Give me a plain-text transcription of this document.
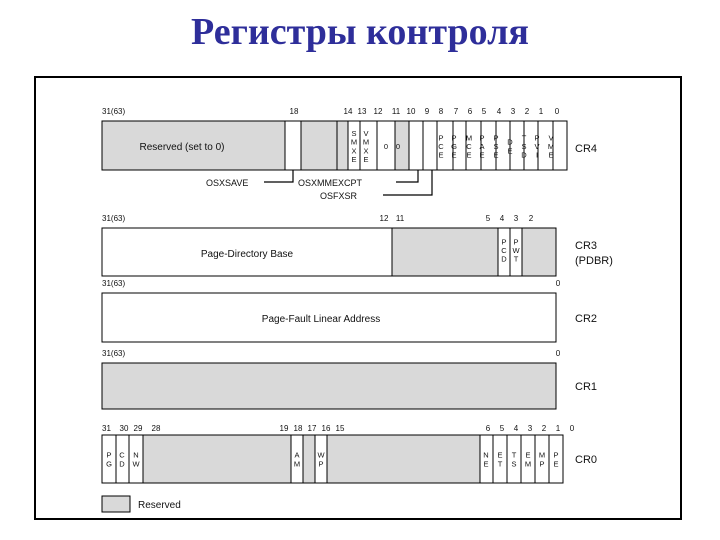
Регистры контроля
31(63)	18	14 13 12 11 10 9 8 7 6 5 4 3 2 1 0
Reserved (set to 0)
S M X E
V M X E
0 0
P C E
P G E
M C E
P A E
P S E
D E
T S D
P V I
V M E
CR4
OSXSAVE	OSXMMEXCPT
OSFXSR
31(63)	12 11	5 4 3 2
Page-Directory Base
P C D
P W T
CR3
(PDBR)
31(63)	0
Page-Fault Linear Address	CR2
31(63)	0
CR1
31 30 29 28	19 18 17 16 15	6 5 4 3 2 1 0
P G
C D
N W
A M
W P
N E
E T
T S
E M
M P
P E CR0
Reserved
